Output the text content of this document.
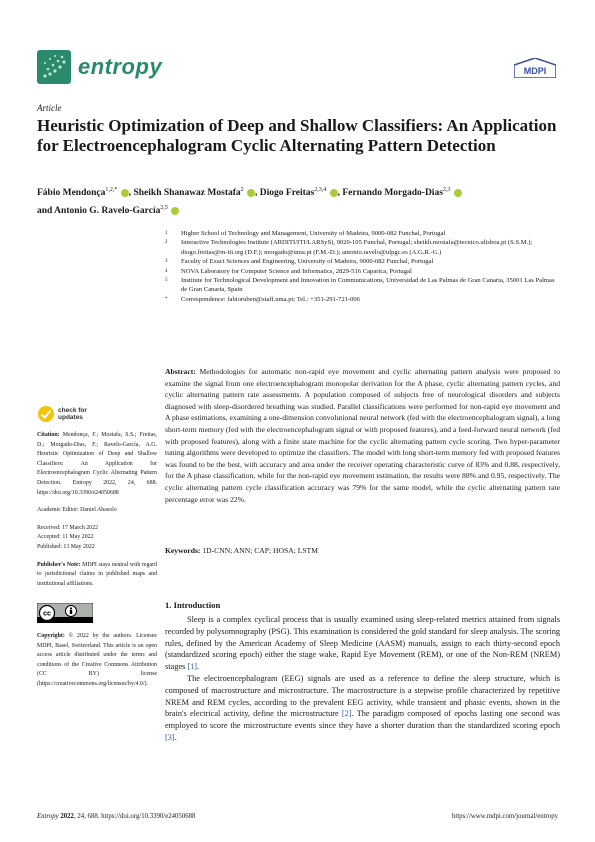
entropy	MDPI
Article
Heuristic Optimization of Deep and Shallow Classifiers: An Application for Electroencephalogram Cyclic Alternating Pattern Detection
Fábio Mendonça$^{1,2,*}$ , Sheikh Shanawaz Mostafa$^2$ , Diogo Freitas$^{2,3,4}$ , Fernando Morgado-Dias$^{2,3}$
and Antonio G. Ravelo-García$^{2,5}$
1	Higher School of Technology and Management, University of Madeira, 9000-082 Funchal, Portugal
2	Interactive Technologies Institute (ARDITI/ITI/LARSyS), 9020-105 Funchal, Portugal; sheikh.mostafa@tecnico.ulisboa.pt (S.S.M.); diogo.freitas@m-iti.org (D.F.); morgado@uma.pt (F.M.-D.); antonio.ravelo@ulpgc.es (A.G.R.-G.)
3	Faculty of Exact Sciences and Engineering, University of Madeira, 9000-082 Funchal, Portugal
4	NOVA Laboratory for Computer Science and Informatics, 2829-516 Caparica, Portugal
5	Institute for Technological Development and Innovation in Communications, Universidad de Las Palmas de Gran Canaria, 35001 Las Palmas de Gran Canaria, Spain
*	Correspondence: fabioruben@staff.uma.pt; Tel.: +351-291-721-006
Abstract: Methodologies for automatic non-rapid eye movement and cyclic alternating pattern analysis were proposed to examine the signal from one electroencephalogram monopolar derivation for the A phase, cyclic alternating pattern cycles, and cyclic alternating pattern rate assessments. A population composed of subjects free of neurological disorders and subjects diagnosed with sleep-disordered breathing was studied. Parallel classifications were performed for non-rapid eye movement and A phase estimations, examining a one-dimension convolutional neural network (fed with the electroencephalogram signal), a long short-term memory (fed with the electroencephalogram signal or with proposed features), and a feed-forward neural network (fed with proposed features), along with a finite state machine for the cyclic alternating pattern cycle scoring. Two hyper-parameter tuning algorithms were developed to optimize the classifiers. The model with long short-term memory fed with proposed features was found to be the best, with accuracy and area under the receiver operating characteristic curve of 83% and 0.88, respectively, for the A phase classification, while for the non-rapid eye movement estimation, the results were 88% and 0.95, respectively. The cyclic alternating pattern cycle classification accuracy was 79% for the same model, while the cyclic alternating pattern rate percentage error was 22%.
Keywords: 1D-CNN; ANN; CAP; HOSA; LSTM
check for
updates
Citation: Mendonça, F.; Mostafa, S.S.; Freitas, D.; Morgado-Dias, F.; Ravelo-García, A.G. Heuristic Optimization of Deep and Shallow Classifiers: An Application for Electroencephalogram Cyclic Alternating Pattern Detection. Entropy 2022, 24, 688. https://doi.org/10.3390/e24050688
Academic Editor: Daniel Abasolo
Received: 17 March 2022
Accepted: 11 May 2022
Published: 13 May 2022
Publisher's Note: MDPI stays neutral with regard to jurisdictional claims in published maps and institutional affiliations.
cc
Copyright: © 2022 by the authors. Licensee MDPI, Basel, Switzerland. This article is an open access article distributed under the terms and conditions of the Creative Commons Attribution (CC BY) license (https://creativecommons.org/licenses/by/4.0/).
1. Introduction

Sleep is a complex cyclical process that is usually examined using sleep-related metrics attained from signals recorded by polysomnography (PSG). This examination is considered the gold standard for sleep analysis. The scoring rules, defined by the American Academy of Sleep Medicine (AASM) manuals, assign to each thirty-second epoch (standardized scoring epoch) either the stage wake, Rapid Eye Movement (REM), or one of the Non-REM (NREM) stages [1].

The electroencephalogram (EEG) signals are used as a reference to define the sleep structure, which is composed of macrostructure and microstructure. The macrostructure is a stepwise profile characterized by repetitive NREM and REM cycles, according to the prevalent EEG activity, while transient and phasic events, shown in the brain's electrical activity, define the microstructure [2]. The paradigm composed of epochs lasting one second was employed to score the microstructure events since they have a shorter duration than the standardized scoring epoch [3].

Entropy 2022, 24, 688. https://doi.org/10.3390/e24050688	https://www.mdpi.com/journal/entropy
